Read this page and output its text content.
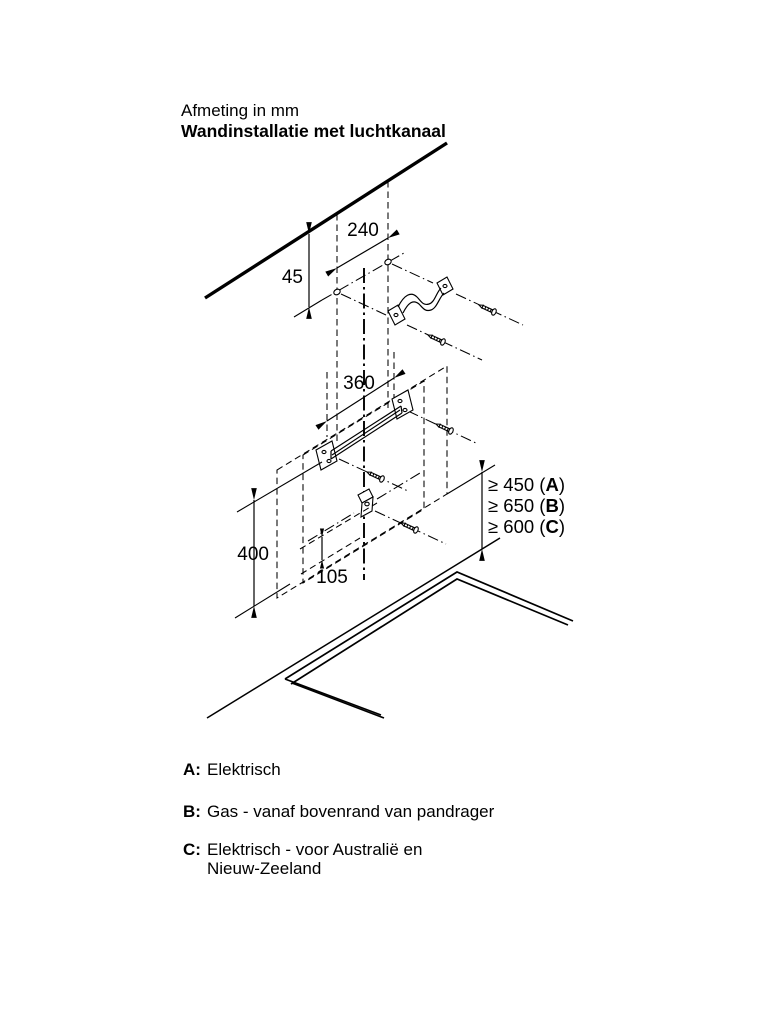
Afmeting in mm
Wandinstallatie met luchtkanaal
45
240
360
400
105
≥ 450 (A)
≥ 650 (B)
≥ 600 (C)
A: Elektrisch
B: Gas - vanaf bovenrand van pandrager
C: Elektrisch - voor Australië en
Nieuw-Zeeland
